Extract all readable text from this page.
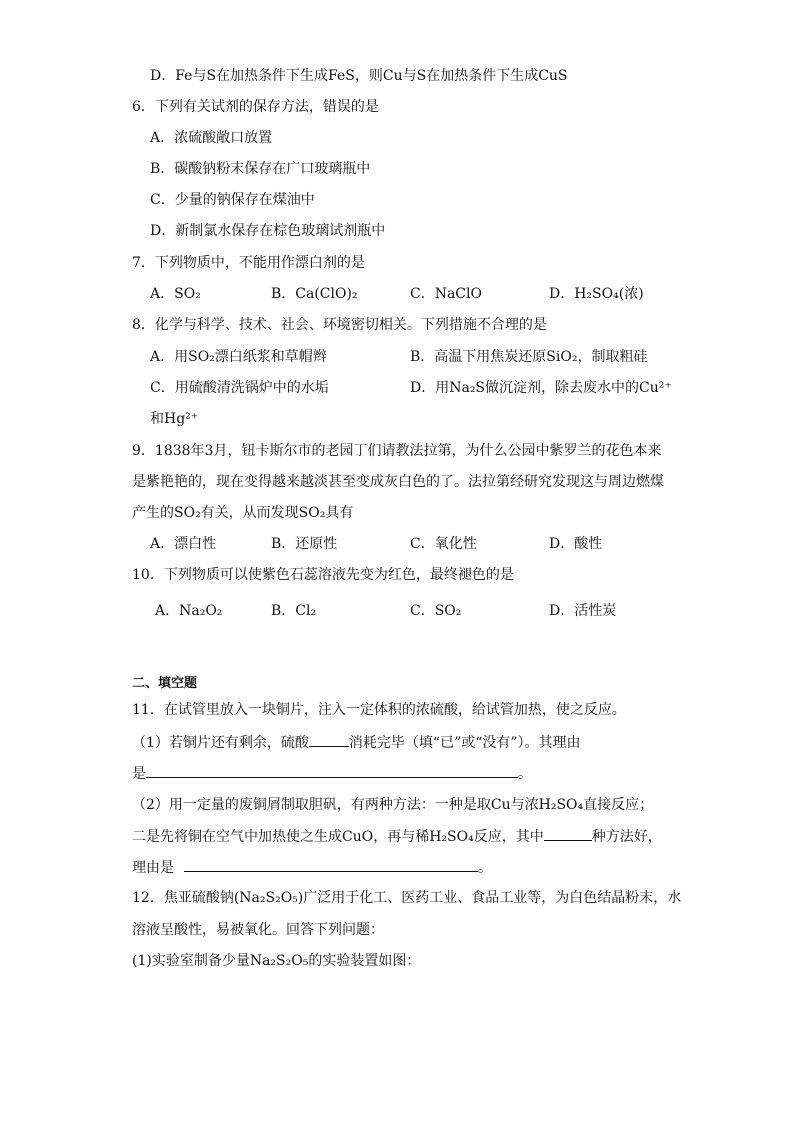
D．Fe与S在加热条件下生成FeS，则Cu与S在加热条件下生成CuS
6．下列有关试剂的保存方法，错误的是
A．浓硫酸敞口放置
B．碳酸钠粉末保存在广口玻璃瓶中
C．少量的钠保存在煤油中
D．新制氯水保存在棕色玻璃试剂瓶中
7．下列物质中，不能用作漂白剂的是
A．SO₂	B．Ca(ClO)₂	C．NaClO	D．H₂SO₄(浓)
8．化学与科学、技术、社会、环境密切相关。下列措施不合理的是
A．用SO₂漂白纸浆和草帽辫	B．高温下用焦炭还原SiO₂，制取粗硅
C．用硫酸清洗锅炉中的水垢	D．用Na₂S做沉淀剂，除去废水中的Cu²⁺
和Hg²⁺
9．1838年3月，钮卡斯尔市的老园丁们请教法拉第，为什么公园中紫罗兰的花色本来
是紫艳艳的，现在变得越来越淡甚至变成灰白色的了。法拉第经研究发现这与周边燃煤
产生的SO₂有关，从而发现SO₂具有
A．漂白性	B．还原性	C．氧化性	D．酸性
10．下列物质可以使紫色石蕊溶液先变为红色，最终褪色的是
A．Na₂O₂	B．Cl₂	C．SO₂	D．活性炭
二、填空题
11．在试管里放入一块铜片，注入一定体积的浓硫酸，给试管加热，使之反应。
（1）若铜片还有剩余，硫酸	消耗完毕（填“已”或“没有”）。其理由
是	。
（2）用一定量的废铜屑制取胆矾，有两种方法：一种是取Cu与浓H₂SO₄直接反应；
二是先将铜在空气中加热使之生成CuO，再与稀H₂SO₄反应，其中	种方法好，
理由是	。
12．焦亚硫酸钠(Na₂S₂O₅)广泛用于化工、医药工业、食品工业等，为白色结晶粉末，水
溶液呈酸性，易被氧化。回答下列问题：
(1)实验室制备少量Na₂S₂O₅的实验装置如图：
